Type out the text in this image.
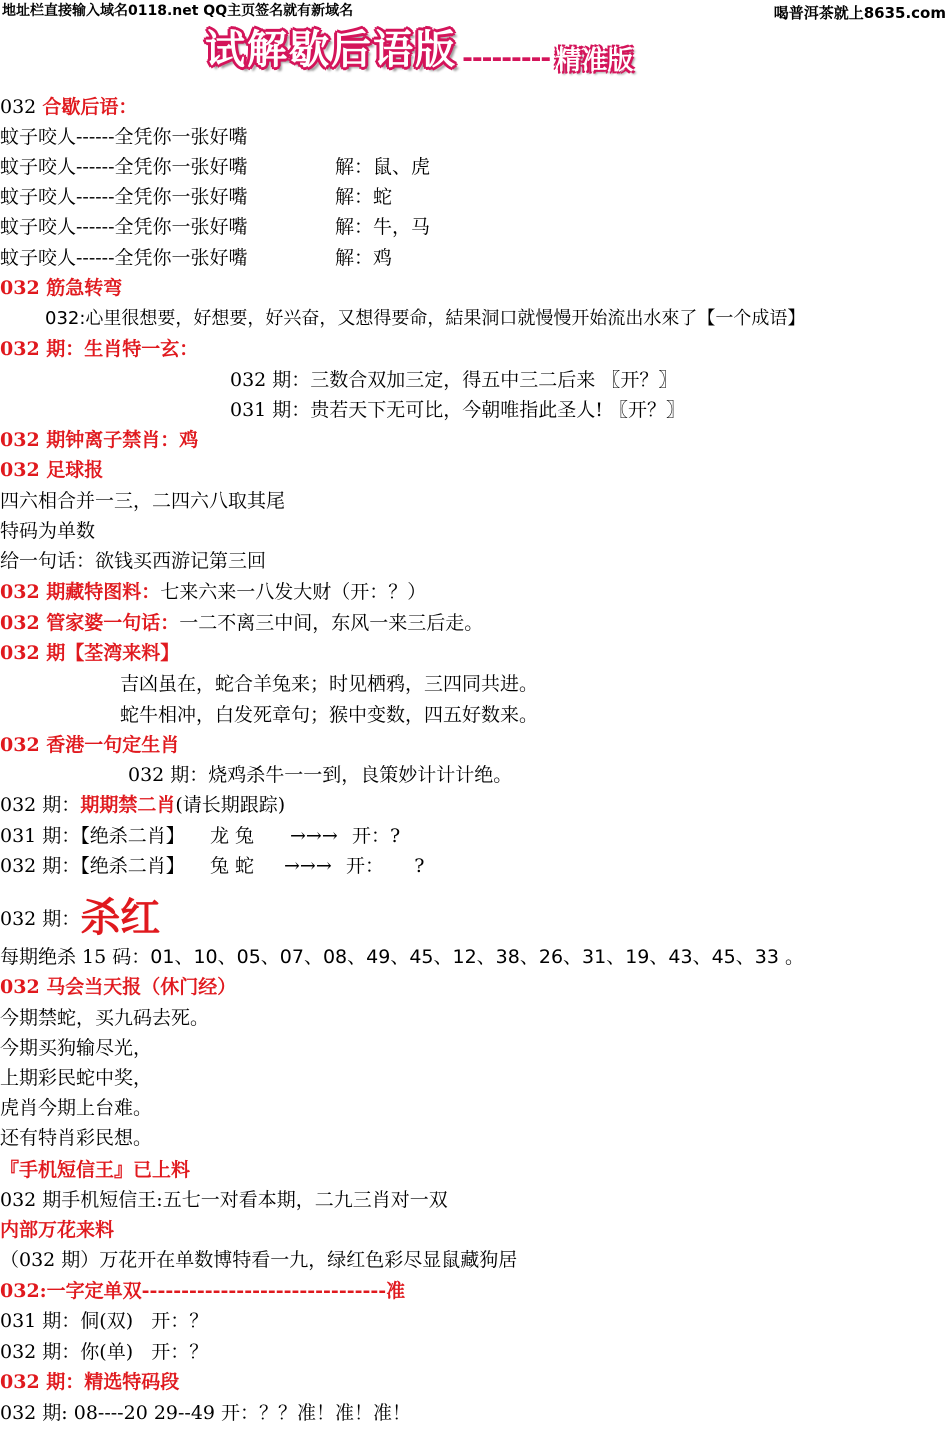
地址栏直接输入域名0118.net QQ主页签名就有新域名	喝普洱茶就上8635.com
试解歇后语版 --------- 精准版
032 合歇后语：
蚊子咬人------全凭你一张好嘴
蚊子咬人------全凭你一张好嘴	解：鼠、虎
蚊子咬人------全凭你一张好嘴	解：蛇
蚊子咬人------全凭你一张好嘴	解：牛，马
蚊子咬人------全凭你一张好嘴	解：鸡
032 筋急转弯
032:心里很想要，好想要，好兴奋，又想得要命，結果洞口就慢慢开始流出水來了【一个成语】
032 期：生肖特一玄：
032 期：三数合双加三定，得五中三二后来 〖开？〗
031 期：贵若天下无可比，今朝唯指此圣人! 〖开？〗
032 期钟离子禁肖：鸡
032 足球报
四六相合并一三，二四六八取其尾
特码为单数
给一句话：欲钱买西游记第三回
032 期藏特图料：七来六来一八发大财（开：？）
032 管家婆一句话：一二不离三中间，东风一来三后走。
032 期【荃湾来料】
吉凶虽在，蛇合羊兔来；时见栖鸦，三四同共进。
蛇牛相冲，白发死章句；猴中变数，四五好数来。
032 香港一句定生肖
032 期：烧鸡杀牛一一到，良策妙计计计绝。
032 期：期期禁二肖(请长期跟踪)
031 期：【绝杀二肖】 龙 兔 →→→ 开：?
032 期：【绝杀二肖】 兔 蛇 →→→ 开：     ?
032 期：杀红
每期绝杀 15 码：01、10、05、07、08、49、45、12、38、26、31、19、43、45、33 。
032 马会当天报（休门经）
今期禁蛇，买九码去死。
今期买狗输尽光，
上期彩民蛇中奖，
虎肖今期上台难。
还有特肖彩民想。
『手机短信王』已上料
032 期手机短信王:五七一对看本期，二九三肖对一双
内部万花来料
（032 期）万花开在单数博特看一九，绿红色彩尽显鼠藏狗居
032:一字定单双-------------------------------准
031 期：侗(双)   开：？
032 期：你(单)   开：？
032 期：精选特码段
032 期: 08----20 29--49 开：？？准！准！准！
